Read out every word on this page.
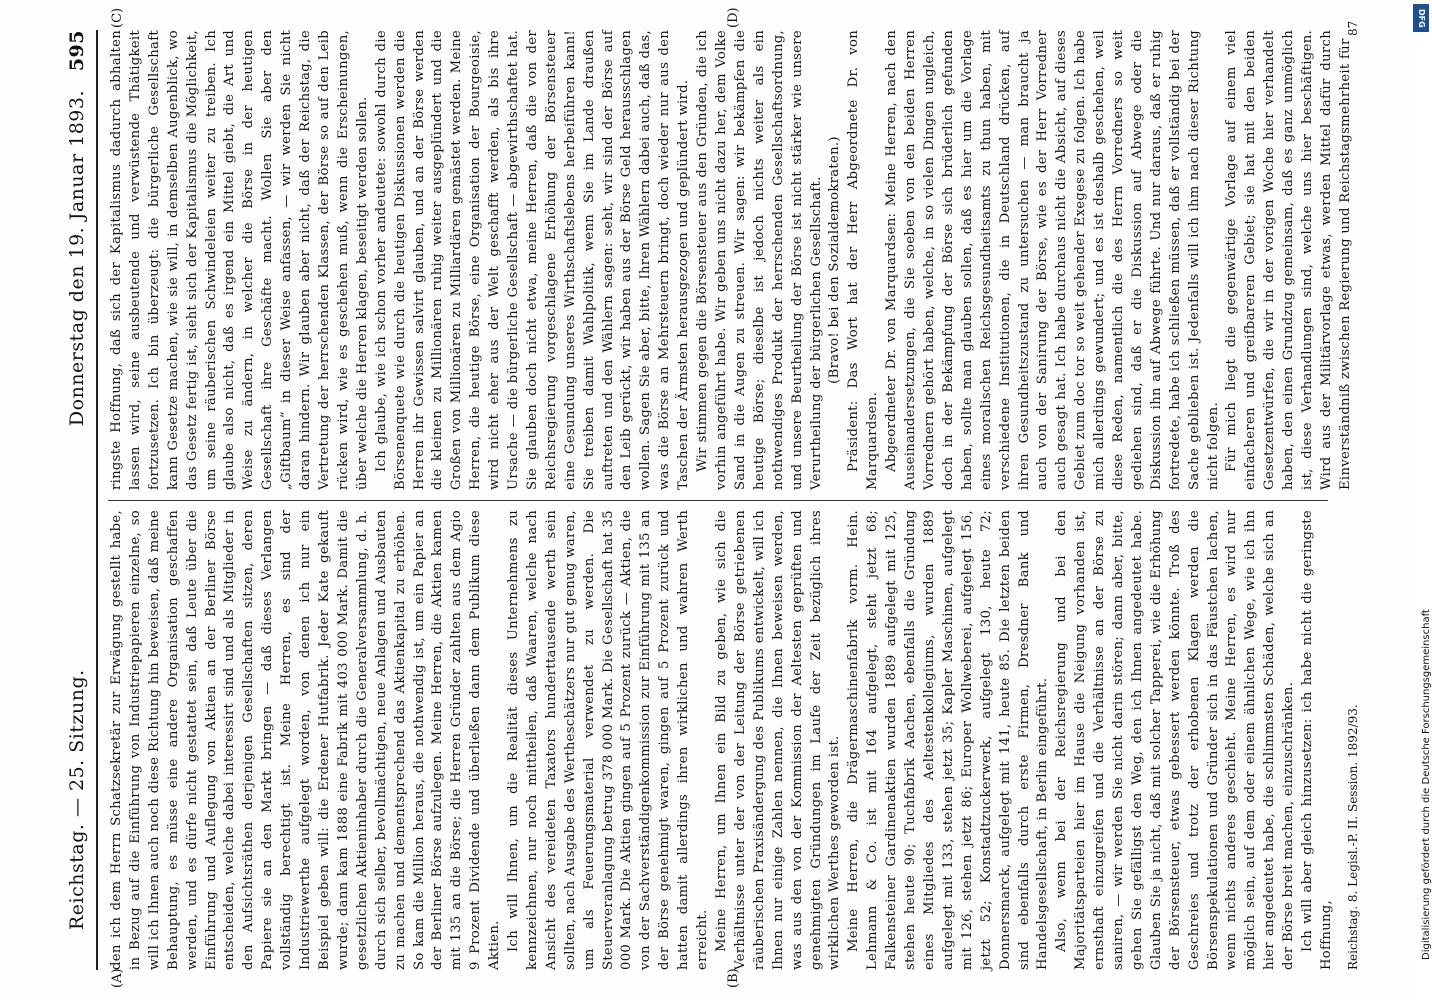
Reichstag. — 25. Sitzung.
Donnerstag den 19. Januar 1893.
595

den ich dem Herrn Schatzsekretär zur Erwägung gestellt habe, in Bezug auf die Einführung von Industriepapieren einzelne, so will ich Ihnen auch noch diese Richtung hin beweisen, daß meine Behauptung, es müsse eine andere Organisation geschaffen werden, und es dürfe nicht gestattet sein, daß Leute über die Einführung und Auflegung von Aktien an der Berliner Börse entscheiden, welche dabei interessirt sind und als Mitglieder in den Aufsichtsräthen derjenigen Gesellschaften sitzen, deren Papiere sie an den Markt bringen — daß dieses Verlangen vollständig berechtigt ist. Meine Herren, es sind der Industriewerthe aufgelegt worden, von denen ich nur ein Beispiel geben will: die Erdener Hutfabrik. Jeder Kate gekauft wurde; dann kam 1888 eine Fabrik mit 403 000 Mark. Damit die gesetzlichen Aktieninhaber durch die Generalversammlung, d. h. durch sich selber, bevollmächtigen, neue Anlagen und Ausbauten zu machen und dementsprechend das Aktienkapital zu erhöhen. So kam die Million heraus, die nothwendig ist, um ein Papier an der Berliner Börse aufzulegen. Meine Herren, die Aktien kamen mit 135 an die Börse; die Herren Gründer zahlten aus dem Agio 9 Prozent Dividende und überließen dann dem Publikum diese Aktien. Ich will Ihnen, um die Realität dieses Unternehmens zu kennzeichnen, nur noch mittheilen, daß Waaren, welche nach Ansicht des vereideten Taxators hunderttausende werth sein sollten, nach Ausgabe des Wertheschätzers nur gut genug waren, um als Feuerungsmaterial verwendet zu werden. Die Steuerveranlagung betrug 378 000 Mark. Die Gesellschaft hat 35 000 Mark. Die Aktien gingen auf 5 Prozent zurück — Aktien, die von der Sachverständigenkommission zur Einführung mit 135 an der Börse genehmigt waren, gingen auf 5 Prozent zurück und hatten damit allerdings ihren wirklichen und wahren Werth erreicht. Meine Herren, um Ihnen ein Bild zu geben, wie sich die Verhältnisse unter der von der Leitung der Börse getriebenen räuberischen Praxisändergung des Publikums entwickelt, will ich Ihnen nur einige Zahlen nennen, die Ihnen beweisen werden, was aus den von der Kommission der Aeltesten geprüften und genehmigten Gründungen im Laufe der Zeit bezüglich ihres wirklichen Werthes geworden ist. Meine Herren, die Drägermaschinenfabrik vorm. Hein. Lehmann & Co. ist mit 164 aufgelegt, steht jetzt 68; Falkensteiner Gardinenaktien wurden 1889 aufgelegt mit 125, stehen heute 90; Tuchfabrik Aachen, ebenfalls die Gründung eines Mitgliedes des Aeltestenkollegiums, wurden 1889 aufgelegt mit 133, stehen jetzt 35; Kapler Maschinen, aufgelegt mit 126, stehen jetzt 86; Europer Wollweberei, aufgelegt 156, jetzt 52; Konstadtzuckerwerk, aufgelegt 130, heute 72; Donnersmarck, aufgelegt mit 141, heute 85. Die letzten beiden sind ebenfalls durch erste Firmen, Dresdner Bank und Handelsgesellschaft, in Berlin eingeführt. Also, wenn bei der Reichsregierung und bei den Majoritätsparteien hier im Hause die Neigung vorhanden ist, ernsthaft einzugreifen und die Verhältnisse an der Börse zu saniren, — wir werden Sie nicht darin stören; dann aber, bitte, gehen Sie gefälligst den Weg, den ich Ihnen angedeutet habe. Glauben Sie ja nicht, daß mit solcher Tapperei, wie die Erhöhung der Börsensteuer, etwas gebessert werden könnte. Troß des Geschreies und trotz der erhobenen Klagen werden die Börsenspekulationen und Gründer sich in das Fäustchen lachen, wenn nichts anderes geschieht. Meine Herren, es wird nur möglich sein, auf dem oder einem ähnlichen Wege, wie ich ihn hier angedeutet habe, die schlimmsten Schäden, welche sich an der Börse breit machen, einzuschränken. Ich will aber gleich hinzusetzen: ich habe nicht die geringste Hoffnung,

ringste Hoffnung, daß sich der Kapitalismus dadurch abhalten lassen wird, seine ausbeutende und verwüstende Thätigkeit fortzusetzen. Ich bin überzeugt: die bürgerliche Gesellschaft kann Gesetze machen, wie sie will, in demselben Augenblick, wo das Gesetz fertig ist, sieht sich der Kapitalismus die Möglichkeit, um seine räuberischen Schwindeleien weiter zu treiben. Ich glaube also nicht, daß es irgend ein Mittel giebt, die Art und Weise zu ändern, in welcher die Börse in der heutigen Gesellschaft ihre Geschäfte macht. Wollen Sie aber den „Giftbaum“ in dieser Weise anfassen, — wir werden Sie nicht daran hindern. Wir glauben aber nicht, daß der Reichstag, die Vertretung der herrschenden Klassen, der Börse so auf den Leib rücken wird, wie es geschehen muß, wenn die Erscheinungen, über welche die Herren klagen, beseitigt werden sollen. Ich glaube, wie ich schon vorher andeutete: sowohl durch die Börsenenquete wie durch die heutigen Diskussionen werden die Herren ihr Gewissen salvirt glauben, und an der Börse werden die kleinen zu Millionären ruhig weiter ausgeplündert und die Großen von Millionären zu Milliardären gemästet werden. Meine Herren, die heutige Börse, eine Organisation der Bourgeoisie, wird nicht eher aus der Welt geschafft werden, als bis ihre Ursache — die bürgerliche Gesellschaft — abgewirthschaftet hat. Sie glauben doch nicht etwa, meine Herren, daß die von der Reichsregierung vorgeschlagene Erhöhung der Börsensteuer eine Gesundung unseres Wirthschaftslebens herbeiführen kann! Sie treiben damit Wahlpolitik, wenn Sie im Lande draußen auftreten und den Wählern sagen: seht, wir sind der Börse auf den Leib gerückt, wir haben aus der Börse Geld herausschlagen wollen. Sagen Sie aber, bitte, Ihren Wählern dabei auch, daß das, was die Börse an Mehrsteuern bringt, doch wieder nur aus den Taschen der Ärmsten herausgezogen und geplündert wird. Wir stimmen gegen die Börsensteuer aus den Gründen, die ich vorhin angeführt habe. Wir geben uns nicht dazu her, dem Volke Sand in die Augen zu streuen. Wir sagen: wir bekämpfen die heutige Börse; dieselbe ist jedoch nichts weiter als ein nothwendiges Produkt der herrschenden Gesellschaftsordnung, und unsere Beurtheilung der Börse ist nicht stärker wie unsere Verurtheilung der bürgerlichen Gesellschaft. (Bravo! bei den Sozialdemokraten.) Präsident: Das Wort hat der Herr Abgeordnete Dr. von Marquardsen. Abgeordneter Dr. von Marquardsen: Meine Herren, nach den Auseinandersetzungen, die Sie soeben von den beiden Herren Vorrednern gehört haben, welche, in so vielen Dingen ungleich, doch in der Bekämpfung der Börse sich brüderlich gefunden haben, sollte man glauben sollen, daß es hier um die Vorlage eines moralischen Reichsgesundheitsamts zu thun haben, mit verschiedene Institutionen, die in Deutschland drücken, auf ihren Gesundheitszustand zu untersuchen — man braucht ja auch von der Sanirung der Börse, wie es der Herr Vorredner auch gesagt hat. Ich habe durchaus nicht die Absicht, auf dieses Gebiet zum doc tor so weit gehender Exegese zu folgen. Ich habe mich allerdings gewundert; und es ist deshalb geschehen, weil diese Reden, namentlich die des Herrn Vorredners so weit gediehen sind, daß er die Diskussion auf Abwege oder die Diskussion ihn auf Abwege führte. Und nur daraus, daß er ruhig fortredete, habe ich schließen müssen, daß er vollständig bei der Sache geblieben ist. Jedenfalls will ich ihm nach dieser Richtung nicht folgen. Für mich liegt die gegenwärtige Vorlage auf einem viel einfacheren und greifbareren Gebiet; sie hat mit den beiden Gesetzentwürfen, die wir in der vorigen Woche hier verhandelt haben, den einen Grundzug gemeinsam, daß es ganz unmöglich ist, diese Verhandlungen sind, welche uns hier beschäftigen. Wird aus der Militärvorlage etwas, werden Mittel dafür durch Einverständniß zwischen Regierung und Reichstagsmehrheit für

(A)	(B)
(C)	(D)
Reichstag. 8. Legisl.-P. II. Session. 1892/93.
87
DFG
Digitalisierung gefördert durch die Deutsche Forschungsgemeinschaft
